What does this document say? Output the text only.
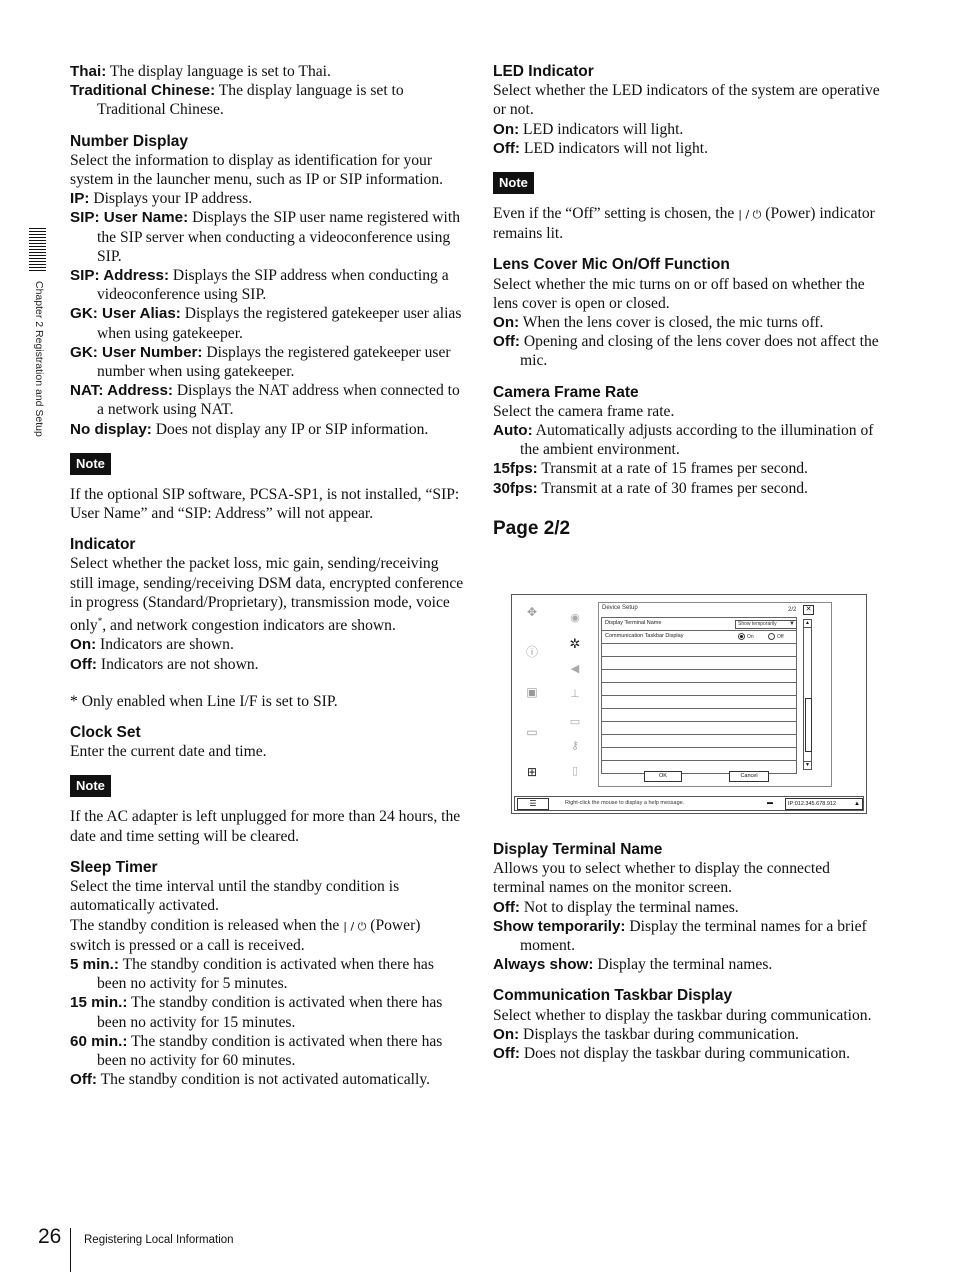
Chapter 2 Registration and Setup

Thai: The display language is set to Thai.

Traditional Chinese: The display language is set to Traditional Chinese.

Number Display

Select the information to display as identification for your system in the launcher menu, such as IP or SIP information.

IP: Displays your IP address.

SIP: User Name: Displays the SIP user name registered with the SIP server when conducting a videoconference using SIP.

SIP: Address: Displays the SIP address when conducting a videoconference using SIP.

GK: User Alias: Displays the registered gatekeeper user alias when using gatekeeper.

GK: User Number: Displays the registered gatekeeper user number when using gatekeeper.

NAT: Address: Displays the NAT address when connected to a network using NAT.

No display: Does not display any IP or SIP information.

Note

If the optional SIP software, PCSA-SP1, is not installed, “SIP: User Name” and “SIP: Address” will not appear.

Indicator

Select whether the packet loss, mic gain, sending/receiving still image, sending/receiving DSM data, encrypted conference in progress (Standard/Proprietary), transmission mode, voice only*, and network congestion indicators are shown.

On: Indicators are shown.

Off: Indicators are not shown.

* Only enabled when Line I/F is set to SIP.

Clock Set

Enter the current date and time.

Note

If the AC adapter is left unplugged for more than 24 hours, the date and time setting will be cleared.

Sleep Timer

Select the time interval until the standby condition is automatically activated.

The standby condition is released when the | / ⏻ (Power) switch is pressed or a call is received.

5 min.: The standby condition is activated when there has been no activity for 5 minutes.

15 min.: The standby condition is activated when there has been no activity for 15 minutes.

60 min.: The standby condition is activated when there has been no activity for 60 minutes.

Off: The standby condition is not activated automatically.

LED Indicator

Select whether the LED indicators of the system are operative or not.

On: LED indicators will light.

Off: LED indicators will not light.

Note

Even if the “Off” setting is chosen, the | / ⏻ (Power) indicator remains lit.

Lens Cover Mic On/Off Function

Select whether the mic turns on or off based on whether the lens cover is open or closed.

On: When the lens cover is closed, the mic turns off.

Off: Opening and closing of the lens cover does not affect the mic.

Camera Frame Rate

Select the camera frame rate.

Auto: Automatically adjusts according to the illumination of the ambient environment.

15fps: Transmit at a rate of 15 frames per second.

30fps: Transmit at a rate of 30 frames per second.

Page 2/2
✥
ⓘ
▣
▭
⊞
◉
✲
◀
⊥
▭
⚷
▯
Device Setup	2/2	✕
Display Terminal Name	Show temporarily ▼
Communication Taskbar Display	On	Off
▲
▼
OK	Cancel
☰	Right-click the mouse to display a help message.	▬	IP:012.345.678.912	▲
Display Terminal Name

Allows you to select whether to display the connected terminal names on the monitor screen.

Off: Not to display the terminal names.

Show temporarily: Display the terminal names for a brief moment.

Always show: Display the terminal names.

Communication Taskbar Display

Select whether to display the taskbar during communication.

On: Displays the taskbar during communication.

Off: Does not display the taskbar during communication.

26 Registering Local Information
